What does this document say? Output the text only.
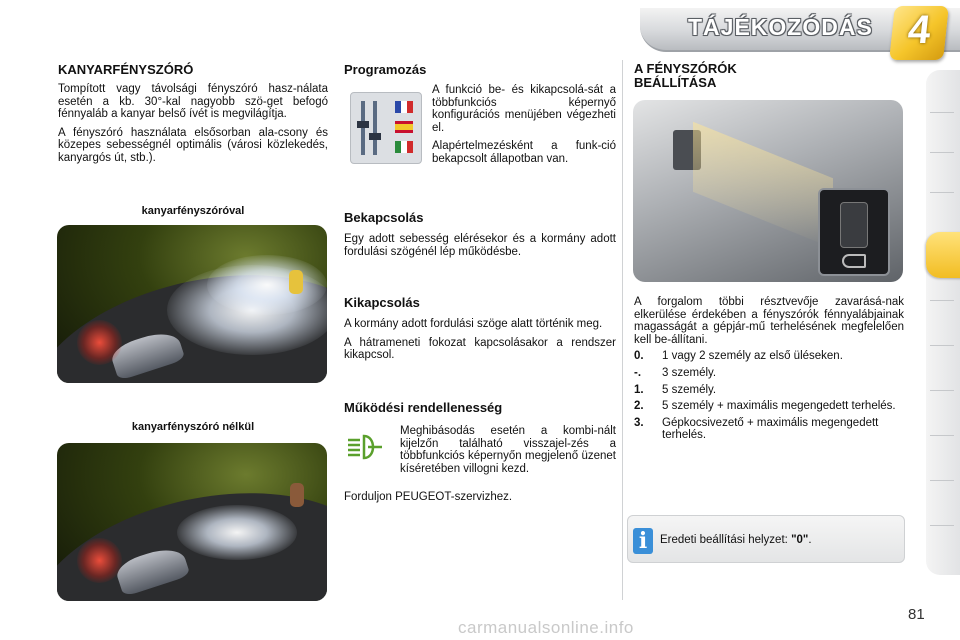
TÁJÉKOZÓDÁS 4
KANYARFÉNYSZÓRÓ

Tompított vagy távolsági fényszóró hasz-nálata esetén a kb. 30°-kal nagyobb szö-get befogó fénnyaláb a kanyar belső ívét is megvilágítja.

A fényszóró használata elsősorban ala-csony és közepes sebességnél optimális (városi közlekedés, kanyargós út, stb.).

kanyarfényszóróval
kanyarfényszóró nélkül
Programozás

A funkció be- és kikapcsolá-sát a többfunkciós képernyő konfigurációs menüjében végezheti el.

Alapértelmezésként a funk-ció bekapcsolt állapotban van.

Bekapcsolás

Egy adott sebesség elérésekor és a kormány adott fordulási szögénél lép működésbe.

Kikapcsolás

A kormány adott fordulási szöge alatt történik meg.

A hátrameneti fokozat kapcsolásakor a rendszer kikapcsol.

Működési rendellenesség

Meghibásodás esetén a kombi-nált kijelzőn található visszajel-zés a többfunkciós képernyőn megjelenő üzenet kíséretében villogni kezd.

Forduljon PEUGEOT-szervizhez.

A FÉNYSZÓRÓK BEÁLLÍTÁSA

A forgalom többi résztvevője zavarásá-nak elkerülése érdekében a fényszórók fénnyalábjainak magasságát a gépjár-mű terhelésének megfelelően kell be-állítani.

0.	1 vagy 2 személy az első üléseken.
-.	3 személy.
1.	5 személy.
2.	5 személy + maximális megengedett terhelés.
3.	Gépkocsivezető + maximális megengedett terhelés.
i	Eredeti beállítási helyzet: "0".
81
carmanualsonline.info
